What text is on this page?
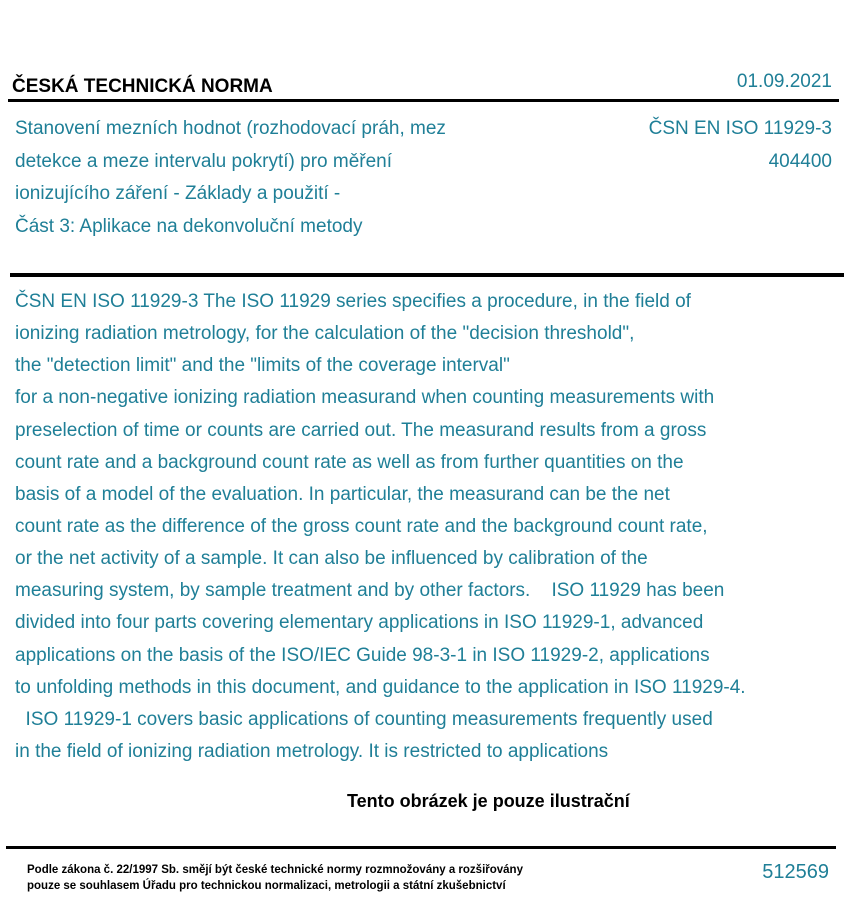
ČESKÁ TECHNICKÁ NORMA	01.09.2021
Stanovení mezních hodnot (rozhodovací práh, mez
detekce a meze intervalu pokrytí) pro měření
ionizujícího záření - Základy a použití -
Část 3: Aplikace na dekonvoluční metody
ČSN EN ISO 11929-3
404400
ČSN EN ISO 11929-3 The ISO 11929 series specifies a procedure, in the field of
ionizing radiation metrology, for the calculation of the "decision threshold",
the "detection limit" and the "limits of the coverage interval"
for a non-negative ionizing radiation measurand when counting measurements with
preselection of time or counts are carried out. The measurand results from a gross
count rate and a background count rate as well as from further quantities on the
basis of a model of the evaluation. In particular, the measurand can be the net
count rate as the difference of the gross count rate and the background count rate,
or the net activity of a sample. It can also be influenced by calibration of the
measuring system, by sample treatment and by other factors.    ISO 11929 has been
divided into four parts covering elementary applications in ISO 11929-1, advanced
applications on the basis of the ISO/IEC Guide 98-3-1 in ISO 11929-2, applications
to unfolding methods in this document, and guidance to the application in ISO 11929-4.
ISO 11929-1 covers basic applications of counting measurements frequently used
in the field of ionizing radiation metrology. It is restricted to applications
Tento obrázek je pouze ilustrační
Podle zákona č. 22/1997 Sb. smějí být české technické normy rozmnožovány a rozšiřovány
pouze se souhlasem Úřadu pro technickou normalizaci, metrologii a státní zkušebnictví
512569
